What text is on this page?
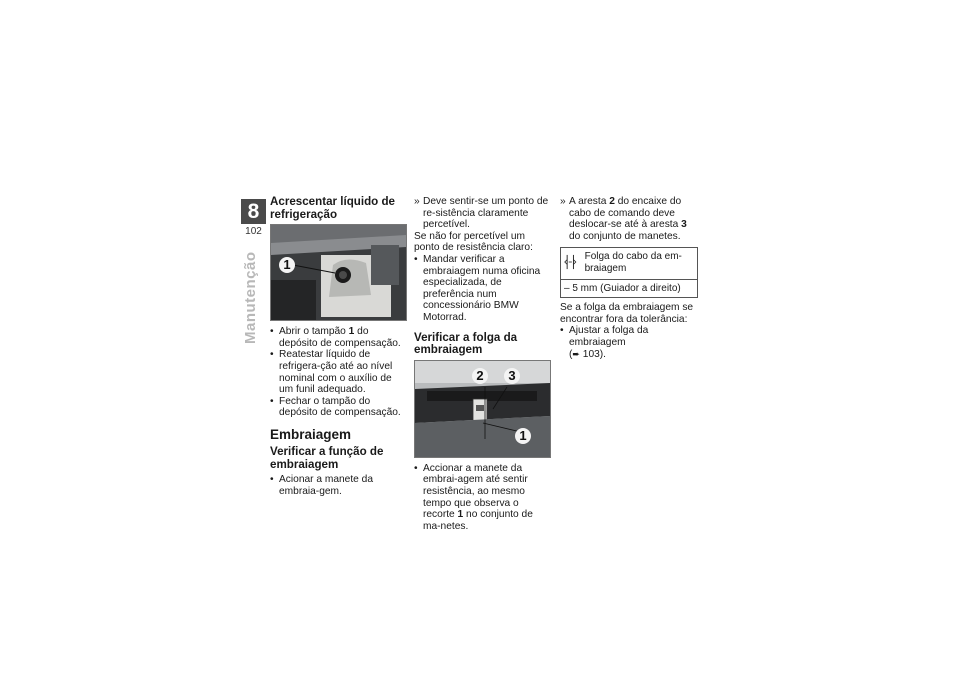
8
102
Manutenção
Acrescentar líquido de refrigeração
1
• Abrir o tampão 1 do depósito de compensação.
• Reatestar líquido de refrigera-ção até ao nível nominal com o auxílio de um funil adequado.
• Fechar o tampão do depósito de compensação.
Embraiagem
Verificar a função de embraiagem
• Acionar a manete da embraia-gem.
» Deve sentir-se um ponto de re-sistência claramente percetível.

Se não for percetível um ponto de resistência claro:

• Mandar verificar a embraiagem numa oficina especializada, de preferência num concessionário BMW Motorrad.
Verificar a folga da embraiagem
2	3
1
• Accionar a manete da embrai-agem até sentir resistência, ao mesmo tempo que observa o recorte 1 no conjunto de ma-netes.
» A aresta 2 do encaixe do cabo de comando deve deslocar-se até à aresta 3 do conjunto de manetes.
Folga do cabo da em-braiagem
– 5 mm (Guiador a direito)

Se a folga da embraiagem se encontrar fora da tolerância:

• Ajustar a folga da embraiagem
(➨ 103).
